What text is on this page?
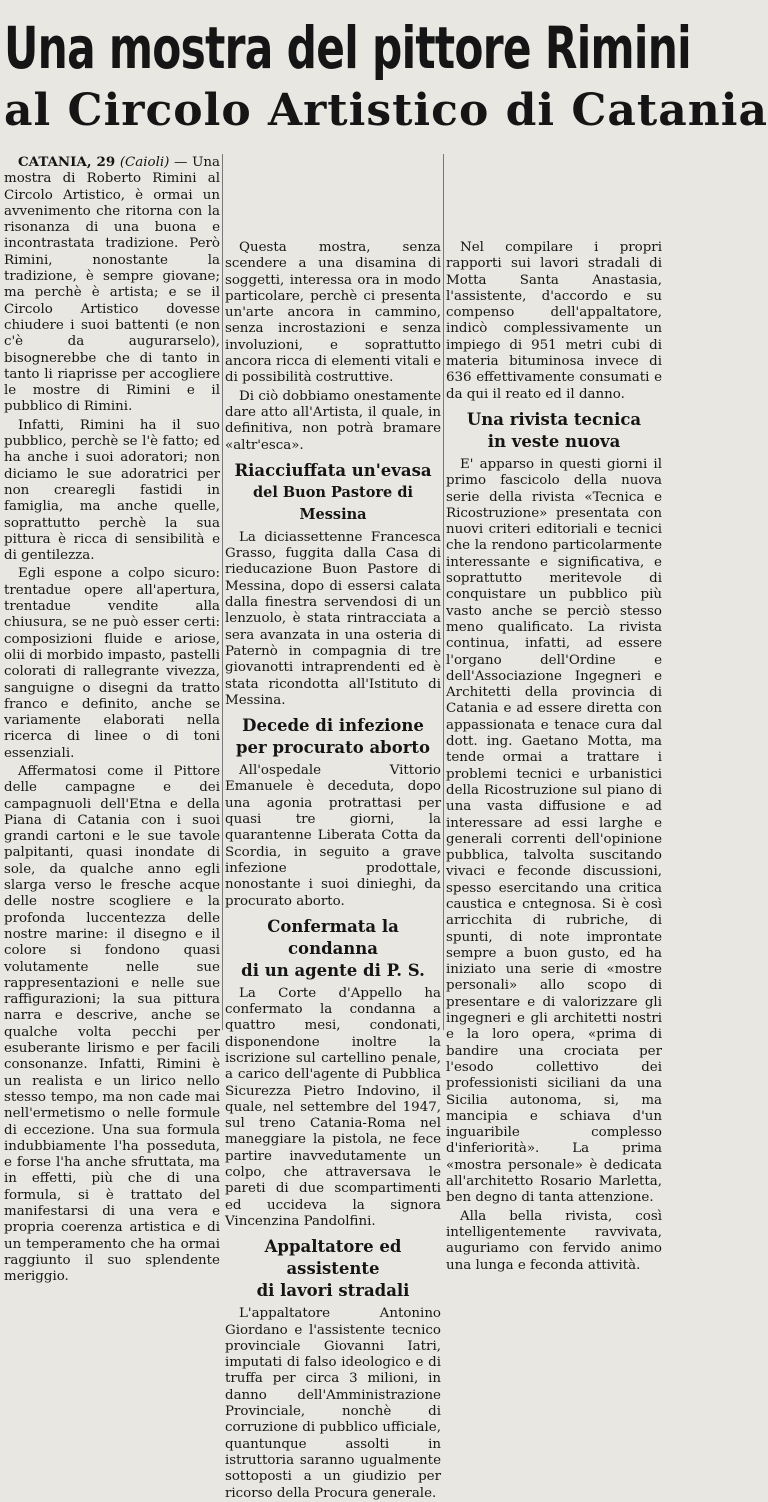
Una mostra del pittore Rimini
al Circolo Artistico di Catania

CATANIA, 29 (Caioli) — Una mostra di Roberto Rimini al Circolo Artistico, è ormai un avvenimento che ritorna con la risonanza di una buona e incontrastata tradizione. Però Rimini, nonostante la tradizione, è sempre giovane; ma perchè è artista; e se il Circolo Artistico dovesse chiudere i suoi battenti (e non c'è da augurarselo), bisognerebbe che di tanto in tanto li riaprisse per accogliere le mostre di Rimini e il pubblico di Rimini.

Infatti, Rimini ha il suo pubblico, perchè se l'è fatto; ed ha anche i suoi adoratori; non diciamo le sue adoratrici per non crearegli fastidi in famiglia, ma anche quelle, soprattutto perchè la sua pittura è ricca di sensibilità e di gentilezza.

Egli espone a colpo sicuro: trentadue opere all'apertura, trentadue vendite alla chiusura, se ne può esser certi: composizioni fluide e ariose, olii di morbido impasto, pastelli colorati di rallegrante vivezza, sanguigne o disegni da tratto franco e definito, anche se variamente elaborati nella ricerca di linee o di toni essenziali.

Affermatosi come il Pittore delle campagne e dei campagnuoli dell'Etna e della Piana di Catania con i suoi grandi cartoni e le sue tavole palpitanti, quasi inondate di sole, da qualche anno egli slarga verso le fresche acque delle nostre scogliere e la profonda luccentezza delle nostre marine: il disegno e il colore si fondono quasi volutamente nelle sue rappresentazioni e nelle sue raffigurazioni; la sua pittura narra e descrive, anche se qualche volta pecchi per esuberante lirismo e per facili consonanze. Infatti, Rimini è un realista e un lirico nello stesso tempo, ma non cade mai nell'ermetismo o nelle formule di eccezione. Una sua formula indubbiamente l'ha posseduta, e forse l'ha anche sfruttata, ma in effetti, più che di una formula, si è trattato del manifestarsi di una vera e propria coerenza artistica e di un temperamento che ha ormai raggiunto il suo splendente meriggio.

Questa mostra, senza scendere a una disamina di soggetti, interessa ora in modo particolare, perchè ci presenta un'arte ancora in cammino, senza incrostazioni e senza involuzioni, e soprattutto ancora ricca di elementi vitali e di possibilità costruttive.

Di ciò dobbiamo onestamente dare atto all'Artista, il quale, in definitiva, non potrà bramare «altr'esca».

Riacciuffata un'evasa
del Buon Pastore di Messina

La diciassettenne Francesca Grasso, fuggita dalla Casa di rieducazione Buon Pastore di Messina, dopo di essersi calata dalla finestra servendosi di un lenzuolo, è stata rintracciata a sera avanzata in una osteria di Paternò in compagnia di tre giovanotti intraprendenti ed è stata ricondotta all'Istituto di Messina.

Decede di infezione
per procurato aborto

All'ospedale Vittorio Emanuele è deceduta, dopo una agonia protrattasi per quasi tre giorni, la quarantenne Liberata Cotta da Scordia, in seguito a grave infezione prodottale, nonostante i suoi dinieghi, da procurato aborto.

Confermata la condanna
di un agente di P. S.

La Corte d'Appello ha confermato la condanna a quattro mesi, condonati, disponendone inoltre la iscrizione sul cartellino penale, a carico dell'agente di Pubblica Sicurezza Pietro Indovino, il quale, nel settembre del 1947, sul treno Catania-Roma nel maneggiare la pistola, ne fece partire inavvedutamente un colpo, che attraversava le pareti di due scompartimenti ed uccideva la signora Vincenzina Pandolfini.

Appaltatore ed assistente
di lavori stradali

L'appaltatore Antonino Giordano e l'assistente tecnico provinciale Giovanni Iatri, imputati di falso ideologico e di truffa per circa 3 milioni, in danno dell'Amministrazione Provinciale, nonchè di corruzione di pubblico ufficiale, quantunque assolti in istruttoria saranno ugualmente sottoposti a un giudizio per ricorso della Procura generale.

Nel compilare i propri rapporti sui lavori stradali di Motta Santa Anastasia, l'assistente, d'accordo e su compenso dell'appaltatore, indicò complessivamente un impiego di 951 metri cubi di materia bituminosa invece di 636 effettivamente consumati e da qui il reato ed il danno.

Una rivista tecnica
in veste nuova

E' apparso in questi giorni il primo fascicolo della nuova serie della rivista «Tecnica e Ricostruzione» presentata con nuovi criteri editoriali e tecnici che la rendono particolarmente interessante e significativa, e soprattutto meritevole di conquistare un pubblico più vasto anche se perciò stesso meno qualificato. La rivista continua, infatti, ad essere l'organo dell'Ordine e dell'Associazione Ingegneri e Architetti della provincia di Catania e ad essere diretta con appassionata e tenace cura dal dott. ing. Gaetano Motta, ma tende ormai a trattare i problemi tecnici e urbanistici della Ricostruzione sul piano di una vasta diffusione e ad interessare ad essi larghe e generali correnti dell'opinione pubblica, talvolta suscitando vivaci e feconde discussioni, spesso esercitando una critica caustica e cntegnosa. Si è così arricchita di rubriche, di spunti, di note improntate sempre a buon gusto, ed ha iniziato una serie di «mostre personali» allo scopo di presentare e di valorizzare gli ingegneri e gli architetti nostri e la loro opera, «prima di bandire una crociata per l'esodo collettivo dei professionisti siciliani da una Sicilia autonoma, si, ma mancipia e schiava d'un inguaribile complesso d'inferiorità». La prima «mostra personale» è dedicata all'architetto Rosario Marletta, ben degno di tanta attenzione.

Alla bella rivista, così intelligentemente ravvivata, auguriamo con fervido animo una lunga e feconda attività.
